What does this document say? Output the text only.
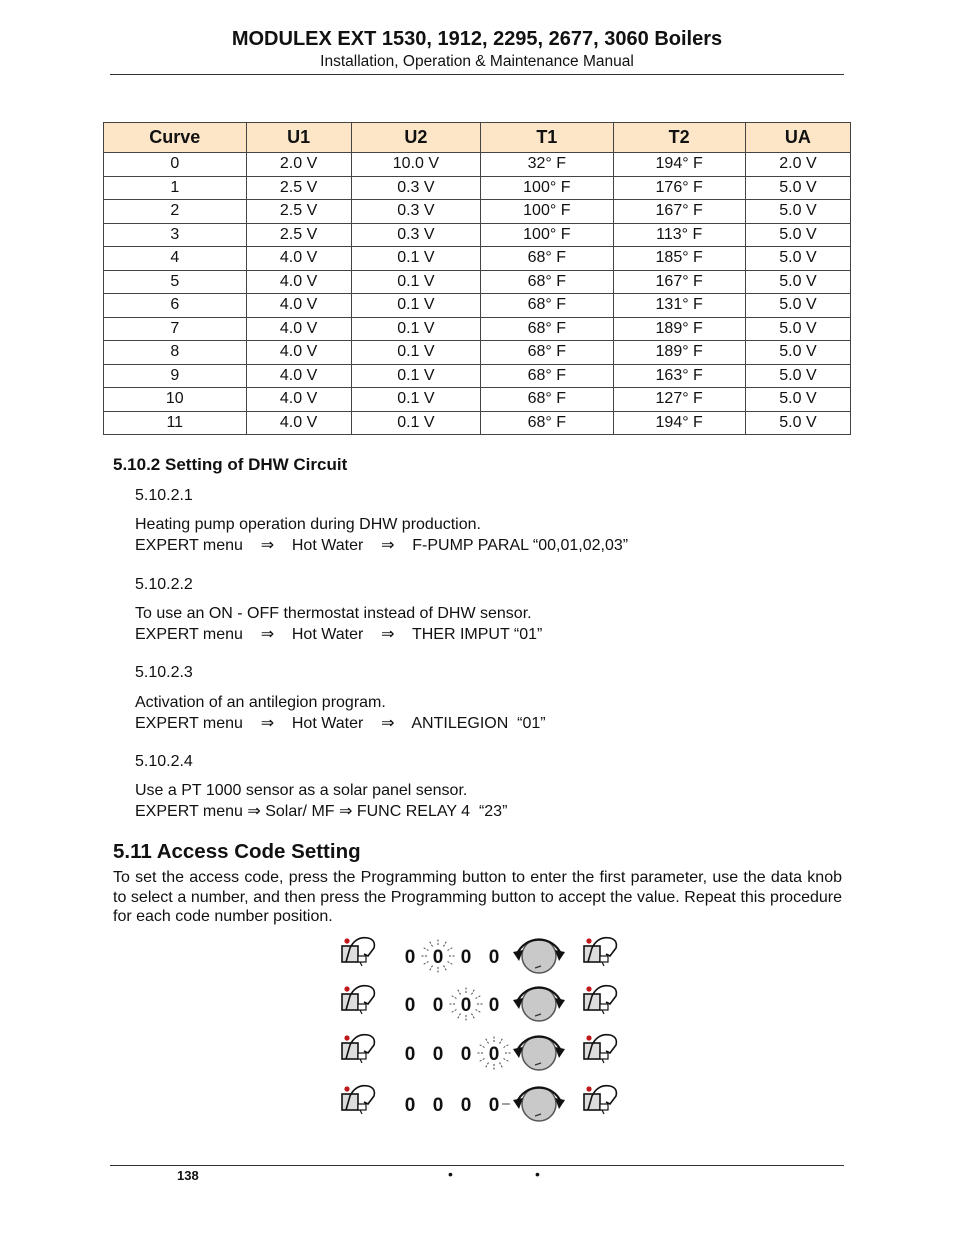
MODULEX EXT 1530, 1912, 2295, 2677, 3060 Boilers
Installation, Operation & Maintenance Manual
Curve	U1	U2	T1	T2	UA
0	2.0 V	10.0 V	32° F	194° F	2.0 V
1	2.5 V	0.3 V	100° F	176° F	5.0 V
2	2.5 V	0.3 V	100° F	167° F	5.0 V
3	2.5 V	0.3 V	100° F	113° F	5.0 V
4	4.0 V	0.1 V	68° F	185° F	5.0 V
5	4.0 V	0.1 V	68° F	167° F	5.0 V
6	4.0 V	0.1 V	68° F	131° F	5.0 V
7	4.0 V	0.1 V	68° F	189° F	5.0 V
8	4.0 V	0.1 V	68° F	189° F	5.0 V
9	4.0 V	0.1 V	68° F	163° F	5.0 V
10	4.0 V	0.1 V	68° F	127° F	5.0 V
11	4.0 V	0.1 V	68° F	194° F	5.0 V
5.10.2 Setting of DHW Circuit
5.10.2.1
Heating pump operation during DHW production.
EXPERT menu    ⇒    Hot Water    ⇒    F-PUMP PARAL “00,01,02,03”
5.10.2.2
To use an ON - OFF thermostat instead of DHW sensor.
EXPERT menu    ⇒    Hot Water    ⇒    THER IMPUT “01”
5.10.2.3
Activation of an antilegion program.
EXPERT menu    ⇒    Hot Water    ⇒    ANTILEGION  “01”
5.10.2.4
Use a PT 1000 sensor as a solar panel sensor.
EXPERT menu ⇒ Solar/ MF ⇒ FUNC RELAY 4  “23”
5.11 Access Code Setting
To set the access code, press the Programming button to enter the first parameter, use the data knob to select a number, and then press the Programming button to accept the value. Repeat this procedure for each code number position.
0 0 0 0
0 0 0 0
0 0 0 0
0 0 0 0
138	•	•
